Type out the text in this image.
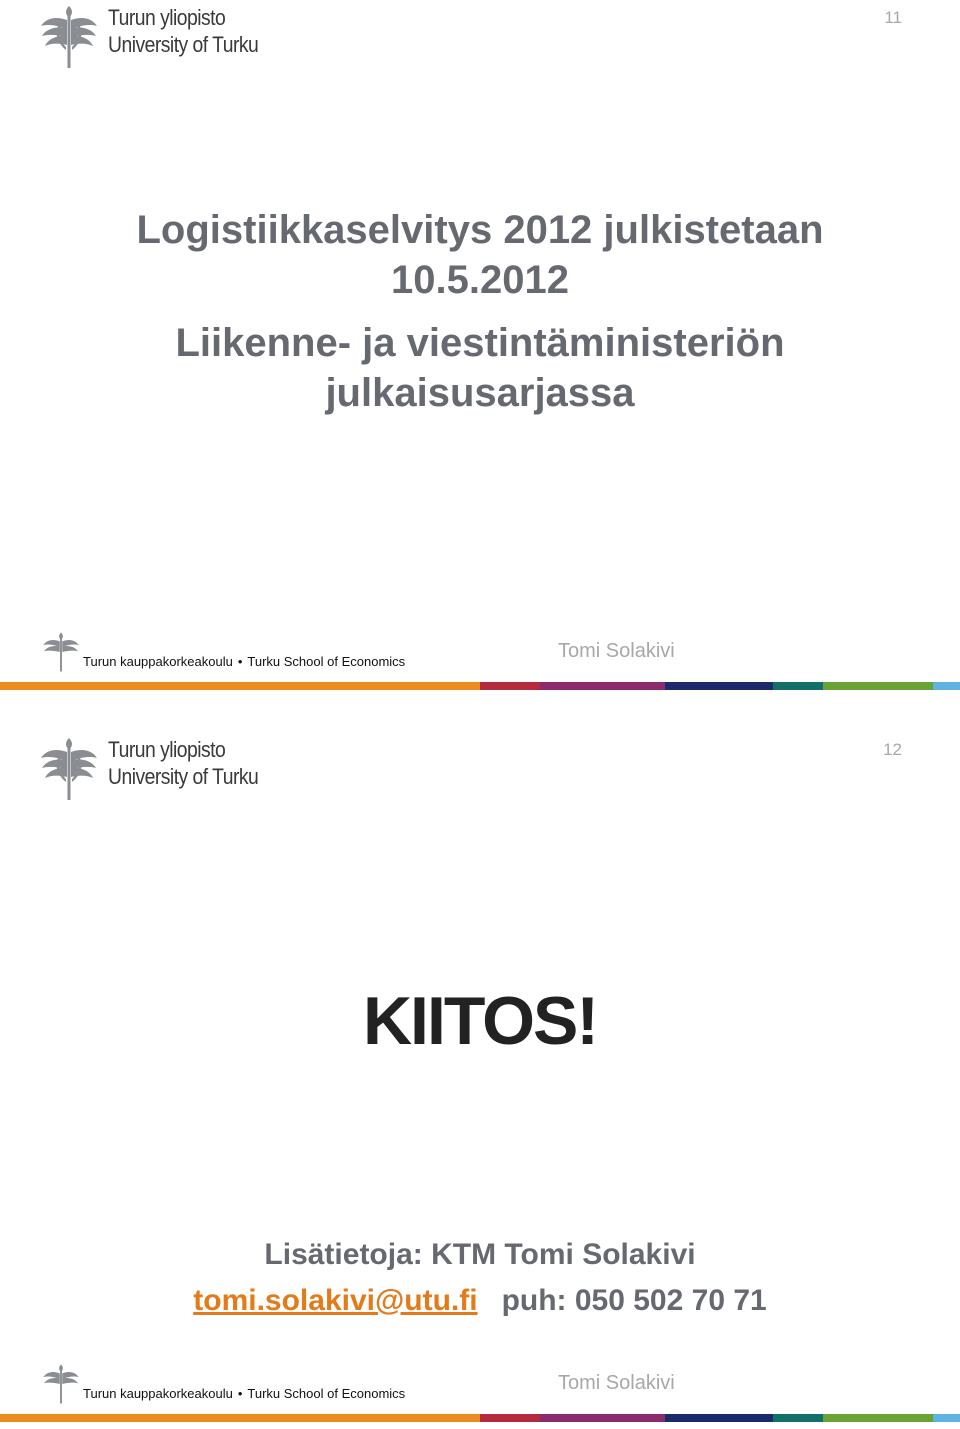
Turun yliopisto
University of Turku
11
Logistiikkaselvitys 2012 julkistetaan
10.5.2012
Liikenne- ja viestintäministeriön
julkaisusarjassa
Turun kauppakorkeakoulu • Turku School of Economics	Tomi Solakivi
Turun yliopisto
University of Turku
12
KIITOS!
Lisätietoja: KTM Tomi Solakivi
tomi.solakivi@utu.fi puh: 050 502 70 71
Turun kauppakorkeakoulu • Turku School of Economics	Tomi Solakivi
